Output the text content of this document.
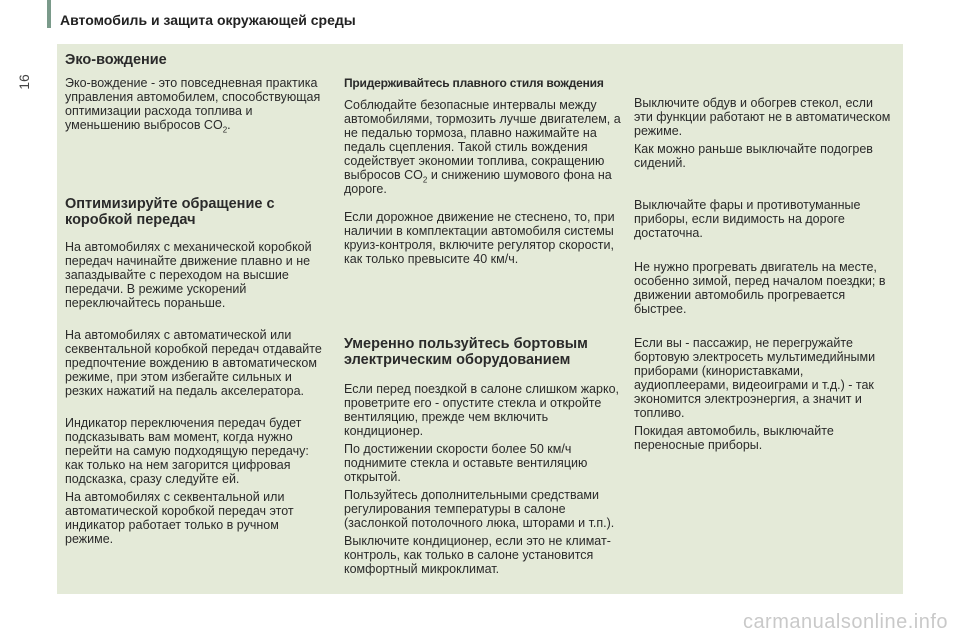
Автомобиль и защита окружающей среды
16
Эко-вождение

Эко-вождение - это повседневная практика управления автомобилем, способствующая оптимизации расхода топлива и уменьшению выбросов $CO_2$.

Оптимизируйте обращение с коробкой передач

На автомобилях с механической коробкой передач начинайте движение плавно и не запаздывайте с переходом на высшие передачи. В режиме ускорений переключайтесь пораньше.

На автомобилях с автоматической или секвентальной коробкой передач отдавайте предпочтение вождению в автоматическом режиме, при этом избегайте сильных и резких нажатий на педаль акселератора.

Индикатор переключения передач будет подсказывать вам момент, когда нужно перейти на самую подходящую передачу: как только на нем загорится цифровая подсказка, сразу следуйте ей.

На автомобилях с секвентальной или автоматической коробкой передач этот индикатор работает только в ручном режиме.

Придерживайтесь плавного стиля вождения

Соблюдайте безопасные интервалы между автомобилями, тормозить лучше двигателем, а не педалью тормоза, плавно нажимайте на педаль сцепления. Такой стиль вождения содействует экономии топлива, сокращению выбросов $CO_2$ и снижению шумового фона на дороге.

Если дорожное движение не стеснено, то, при наличии в комплектации автомобиля системы круиз-контроля, включите регулятор скорости, как только превысите 40 км/ч.

Умеренно пользуйтесь бортовым электрическим оборудованием

Если перед поездкой в салоне слишком жарко, проветрите его - опустите стекла и откройте вентиляцию, прежде чем включить кондиционер.

По достижении скорости более 50 км/ч поднимите стекла и оставьте вентиляцию открытой.

Пользуйтесь дополнительными средствами регулирования температуры в салоне (заслонкой потолочного люка, шторами и т.п.).

Выключите кондиционер, если это не климат-контроль, как только в салоне установится комфортный микроклимат.

Выключите обдув и обогрев стекол, если эти функции работают не в автоматическом режиме.

Как можно раньше выключайте подогрев сидений.

Выключайте фары и противотуманные приборы, если видимость на дороге достаточна.

Не нужно прогревать двигатель на месте, особенно зимой, перед началом поездки; в движении автомобиль прогревается быстрее.

Если вы - пассажир, не перегружайте бортовую электросеть мультимедийными приборами (кинориставками, аудиоплеерами, видеоиграми и т.д.) - так экономится электроэнергия, а значит и топливо.

Покидая автомобиль, выключайте переносные приборы.

carmanualsonline.info
